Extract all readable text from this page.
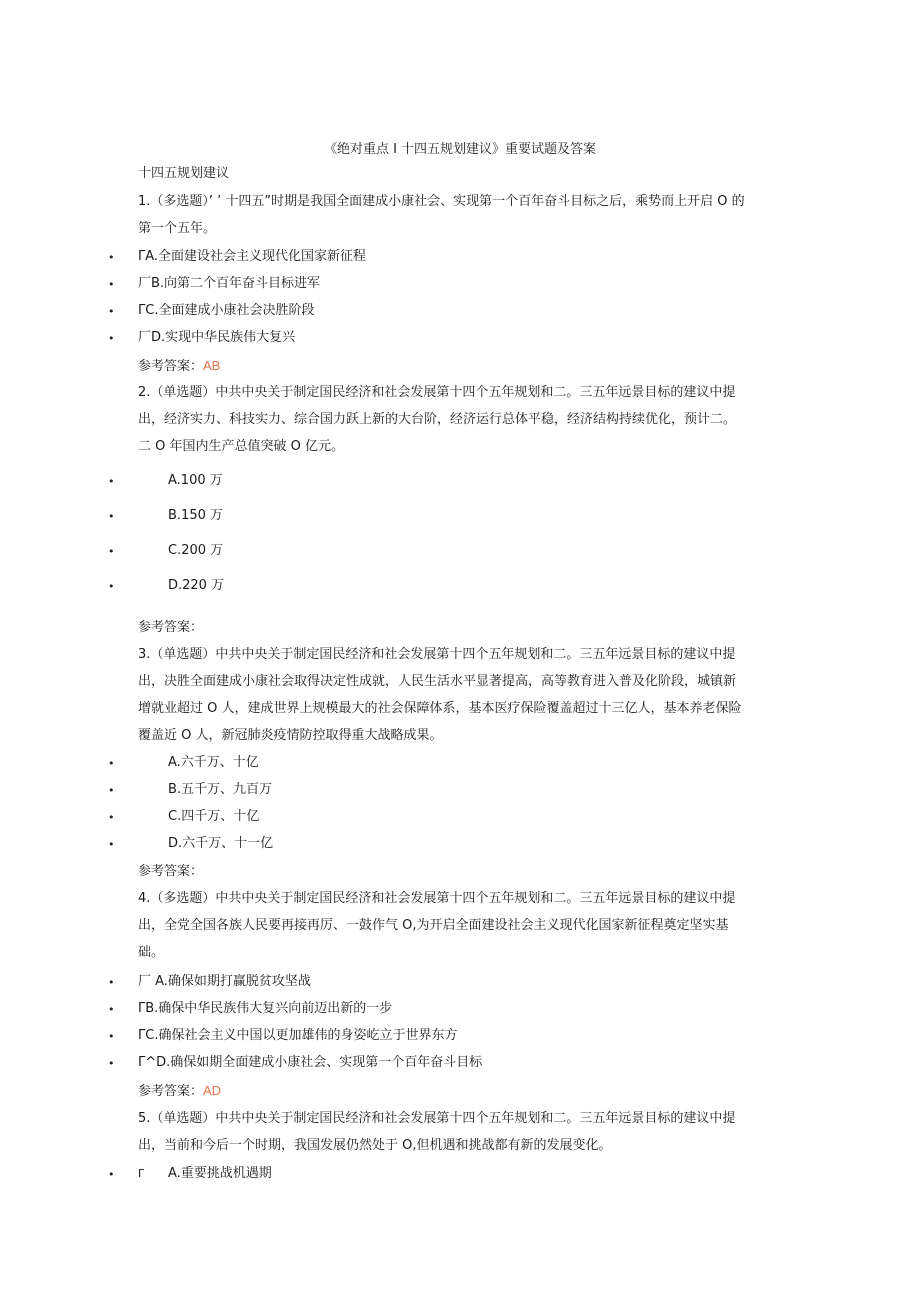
《绝对重点 I 十四五规划建议》重要试题及答案
十四五规划建议
1.（多选题）’ ’ 十四五”时期是我国全面建成小康社会、实现第一个百年奋斗目标之后，乘势而上开启 O 的
第一个五年。
• ΓA.全面建设社会主义现代化国家新征程
• 厂B.向第二个百年奋斗目标进军
• ΓC.全面建成小康社会决胜阶段
• 厂D.实现中华民族伟大复兴
参考答案：AB
2.（单选题）中共中央关于制定国民经济和社会发展第十四个五年规划和二。三五年远景目标的建议中提
出，经济实力、科技实力、综合国力跃上新的大台阶，经济运行总体平稳，经济结构持续优化，预计二。
二 O 年国内生产总值突破 O 亿元。
•	A.100 万
•	B.150 万
•	C.200 万
•	D.220 万
参考答案：
3.（单选题）中共中央关于制定国民经济和社会发展第十四个五年规划和二。三五年远景目标的建议中提
出，决胜全面建成小康社会取得决定性成就，人民生活水平显著提高，高等教育进入普及化阶段，城镇新
增就业超过 O 人，建成世界上规模最大的社会保障体系，基本医疗保险覆盖超过十三亿人，基本养老保险
覆盖近 O 人，新冠肺炎疫情防控取得重大战略成果。
•	A.六千万、十亿
•	B.五千万、九百万
•	C.四千万、十亿
•	D.六千万、十一亿
参考答案：
4.（多选题）中共中央关于制定国民经济和社会发展第十四个五年规划和二。三五年远景目标的建议中提
出，全党全国各族人民要再接再厉、一鼓作气 O,为开启全面建设社会主义现代化国家新征程奠定坚实基
础。
• 厂 A.确保如期打赢脱贫攻坚战
• ΓB.确保中华民族伟大复兴向前迈出新的一步
• ΓC.确保社会主义中国以更加雄伟的身姿屹立于世界东方
• Γ^D.确保如期全面建成小康社会、实现第一个百年奋斗目标
参考答案：AD
5.（单选题）中共中央关于制定国民经济和社会发展第十四个五年规划和二。三五年远景目标的建议中提
出，当前和今后一个时期，我国发展仍然处于 O,但机遇和挑战都有新的发展变化。
• Γ A.重要挑战机遇期
